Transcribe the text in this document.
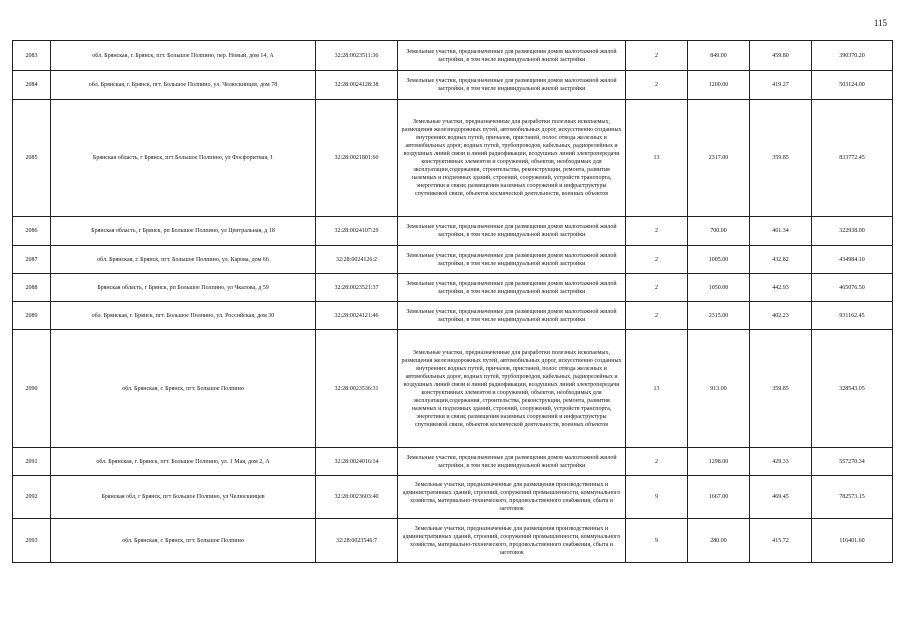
115
2083	обл. Брянская, г. Брянск, пгт. Большое Полпино, пер. Новый, дом 14, А	32:28:0023511:36	Земельные участки, предназначенные для размещения домов малоэтажной жилой застройки, в том числе индивидуальной жилой застройки	2	849.00	459.80	390370.20
2084	обл. Брянская, г. Брянск, пгт. Большое Полпино, ул. Челюскинцев, дом 78	32:28:0024128:38	Земельные участки, предназначенные для размещения домов малоэтажной жилой застройки, в том числе индивидуальной жилой застройки	2	1200.00	419.27	503124.00
2085	Брянская область, г Брянск, пгт Большое Полпино, ул Фосфоритная, 1	32:28:0021801:60	Земельные участки, предназначенные для разработки полезных ископаемых, размещения железнодорожных путей, автомобильных дорог, искусственно созданных внутренних водных путей, причалов, пристаней, полос отвода железных и автомобильных дорог, водных путей, трубопроводов, кабельных, радиорелейных и воздушных линий связи и линий радиофикации, воздушных линий электропередачи конструктивных элементов и сооружений, объектов, необходимых для эксплуатации,содержания, строительства, реконструкции, ремонта, развития наземных и подземных зданий, строений, сооружений, устройств транспорта, энергетики и связи; размещения наземных сооружений и инфраструктуры спутниковой связи, объектов космической деятельности, военных объектов	13	2317.00	359.85	833772.45
2086	Брянская область, г Брянск, рп Большое Полпино, ул Центральная, д 18	32:28:0024107:29	Земельные участки, предназначенные для размещения домов малоэтажной жилой застройки, в том числе индивидуальной жилой застройки	2	700.00	461.34	322938.00
2087	обл. Брянская, г. Брянск, пгт. Большое Полпино, ул. Карова, дом 66	32:28:0024126:2	Земельные участки, предназначенные для размещения домов малоэтажной жилой застройки, в том числе индивидуальной жилой застройки	2	1005.00	432.82	434984.10
2088	Брянская область, г Брянск, рп Большое Полпино, ул Чкалова, д 59	32:28:0023521:37	Земельные участки, предназначенные для размещения домов малоэтажной жилой застройки, в том числе индивидуальной жилой застройки	2	1050.00	442.93	465076.50
2089	обл. Брянская, г. Брянск, пгт. Большое Полпино, ул. Российская, дом 30	32:28:0024121:46	Земельные участки, предназначенные для размещения домов малоэтажной жилой застройки, в том числе индивидуальной жилой застройки	2	2315.00	402.23	931162.45
2090	обл. Брянская, г. Брянск, пгт. Большое Полпино	32:28:0023536:31	Земельные участки, предназначенные для разработки полезных ископаемых, размещения железнодорожных путей, автомобильных дорог, искусственно созданных внутренних водных путей, причалов, пристаней, полос отвода железных и автомобильных дорог, водных путей, трубопроводов, кабельных, радиорелейных и воздушных линий связи и линий радиофикации, воздушных линий электропередачи конструктивных элементов и сооружений, объектов, необходимых для эксплуатации,содержания, строительства, реконструкции, ремонта, развития наземных и подземных зданий, строений, сооружений, устройств транспорта, энергетики и связи; размещения наземных сооружений и инфраструктуры спутниковой связи, объектов космической деятельности, военных объектов	13	913.00	359.85	328543.05
2091	обл. Брянская, г. Брянск, пгт. Большое Полпино, ул. 1 Мая, дом 2, А	32:28:0024016:14	Земельные участки, предназначенные для размещения домов малоэтажной жилой застройки, в том числе индивидуальной жилой застройки	2	1298.00	429.33	557270.34
2092	Брянская обл, г Брянск, пгт Большое Полпино, ул Челюскинцев	32:28:0023603:40	Земельные участки, предназначенные для размещения производственных и административных зданий, строений, сооружений промышленности, коммунального хозяйства, материально-технического, продовольственного снабжения, сбыта и заготовок	9	1667.00	469.45	782573.15
2093	обл. Брянская, г. Брянск, пгт. Большое Полпино	32:28:0023546:7	Земельные участки, предназначенные для размещения производственных и административных зданий, строений, сооружений промышленности, коммунального хозяйства, материально-технического, продовольственного снабжения, сбыта и заготовок	9	280.00	415.72	116401.60
